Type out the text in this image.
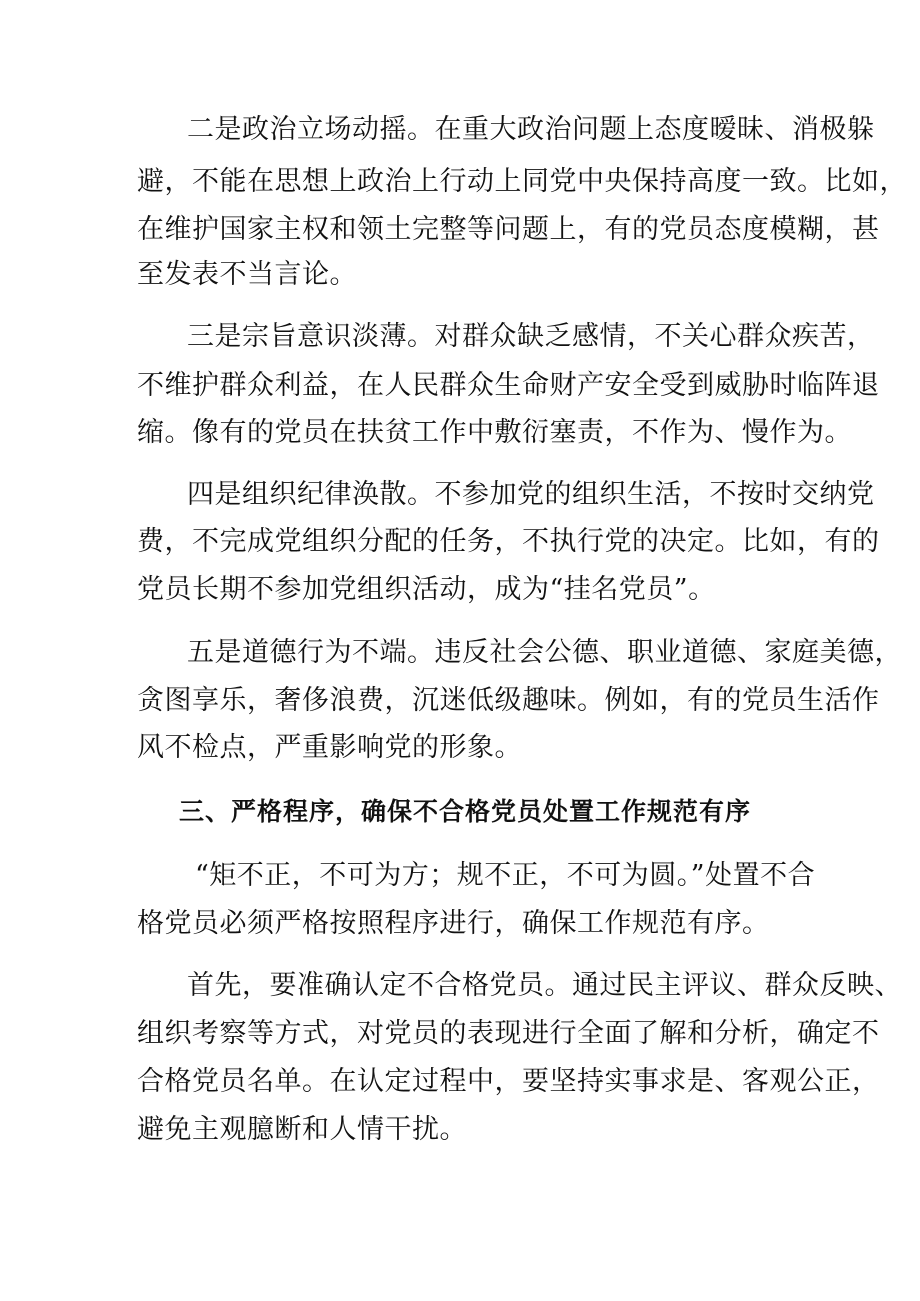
二是政治立场动摇。在重大政治问题上态度暧昧、消极躲
避，不能在思想上政治上行动上同党中央保持高度一致。比如，
在维护国家主权和领土完整等问题上，有的党员态度模糊，甚
至发表不当言论。
三是宗旨意识淡薄。对群众缺乏感情，不关心群众疾苦，
不维护群众利益，在人民群众生命财产安全受到威胁时临阵退
缩。像有的党员在扶贫工作中敷衍塞责，不作为、慢作为。
四是组织纪律涣散。不参加党的组织生活，不按时交纳党
费，不完成党组织分配的任务，不执行党的决定。比如，有的
党员长期不参加党组织活动，成为“挂名党员”。
五是道德行为不端。违反社会公德、职业道德、家庭美德，
贪图享乐，奢侈浪费，沉迷低级趣味。例如，有的党员生活作
风不检点，严重影响党的形象。
三、严格程序，确保不合格党员处置工作规范有序
“矩不正，不可为方；规不正，不可为圆。”处置不合
格党员必须严格按照程序进行，确保工作规范有序。
首先，要准确认定不合格党员。通过民主评议、群众反映、
组织考察等方式，对党员的表现进行全面了解和分析，确定不
合格党员名单。在认定过程中，要坚持实事求是、客观公正，
避免主观臆断和人情干扰。
